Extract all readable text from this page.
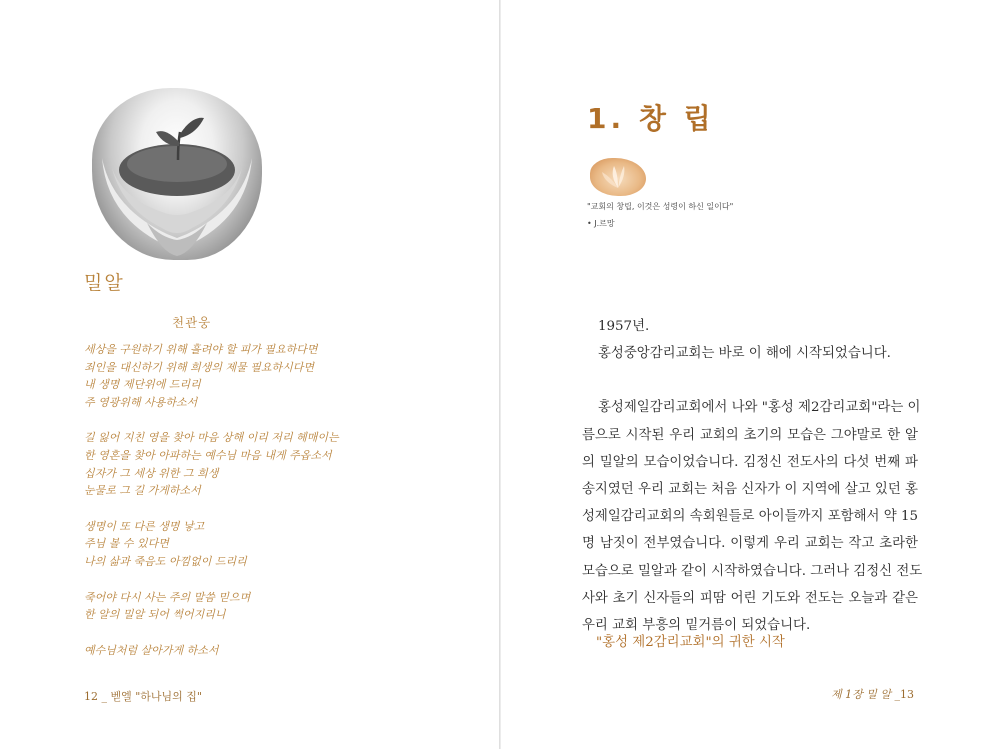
밀알
천관웅
세상을 구원하기 위해 흘려야 할 피가 필요하다면
죄인을 대신하기 위해 희생의 제물 필요하시다면
내 생명 제단위에 드리리
주 영광위해 사용하소서
길 잃어 지친 영을 찾아 마음 상해 이리 저리 헤매이는
한 영혼을 찾아 아파하는 예수님 마음 내게 주옵소서
십자가 그 세상 위한 그 희생
눈물로 그 길 가게하소서
생명이 또 다른 생명 낳고
주님 볼 수 있다면
나의 삶과 죽음도 아낌없이 드리리
죽어야 다시 사는 주의 말씀 믿으며
한 알의 밀알 되어 썩어지리니
예수님처럼 살아가게 하소서
12 _ 벧엘 "하나님의 집"
1. 창 립
"교회의 창립, 이것은 성령이 하신 일이다"
• J.르망
1957년.
홍성중앙감리교회는 바로 이 해에 시작되었습니다.
홍성제일감리교회에서 나와 "홍성 제2감리교회"라는 이
름으로 시작된 우리 교회의 초기의 모습은 그야말로 한 알
의 밀알의 모습이었습니다. 김정신 전도사의 다섯 번째 파
송지였던 우리 교회는 처음 신자가 이 지역에 살고 있던 홍
성제일감리교회의 속회원들로 아이들까지 포함해서 약 15
명 남짓이 전부였습니다. 이렇게 우리 교회는 작고 초라한
모습으로 밀알과 같이 시작하였습니다. 그러나 김정신 전도
사와 초기 신자들의 피땀 어린 기도와 전도는 오늘과 같은
우리 교회 부흥의 밑거름이 되었습니다.
"홍성 제2감리교회"의 귀한 시작
제 1장 밀 알 _13
